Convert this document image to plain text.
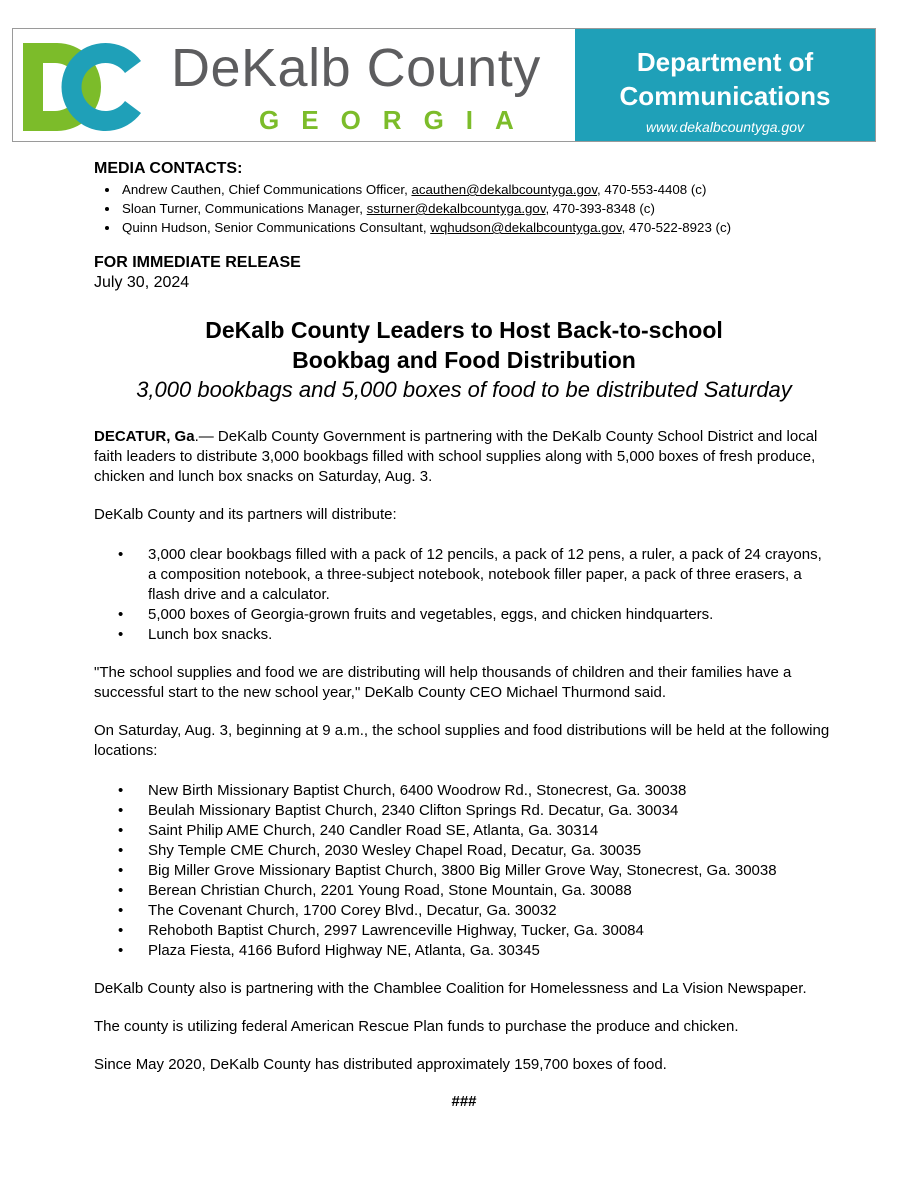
DeKalb County
GEORGIA
Department of
Communications
www.dekalbcountyga.gov
MEDIA CONTACTS:
• Andrew Cauthen, Chief Communications Officer, acauthen@dekalbcountyga.gov, 470-553-4408 (c)
• Sloan Turner, Communications Manager, ssturner@dekalbcountyga.gov, 470-393-8348 (c)
• Quinn Hudson, Senior Communications Consultant, wqhudson@dekalbcountyga.gov, 470-522-8923 (c)
FOR IMMEDIATE RELEASE
July 30, 2024
DeKalb County Leaders to Host Back-to-school
Bookbag and Food Distribution
3,000 bookbags and 5,000 boxes of food to be distributed Saturday

DECATUR, Ga.— DeKalb County Government is partnering with the DeKalb County School District and local faith leaders to distribute 3,000 bookbags filled with school supplies along with 5,000 boxes of fresh produce, chicken and lunch box snacks on Saturday, Aug. 3.

DeKalb County and its partners will distribute:

• 3,000 clear bookbags filled with a pack of 12 pencils, a pack of 12 pens, a ruler, a pack of 24 crayons, a composition notebook, a three-subject notebook, notebook filler paper, a pack of three erasers, a flash drive and a calculator.
• 5,000 boxes of Georgia-grown fruits and vegetables, eggs, and chicken hindquarters.
• Lunch box snacks.

"The school supplies and food we are distributing will help thousands of children and their families have a successful start to the new school year," DeKalb County CEO Michael Thurmond said.

On Saturday, Aug. 3, beginning at 9 a.m., the school supplies and food distributions will be held at the following locations:

• New Birth Missionary Baptist Church, 6400 Woodrow Rd., Stonecrest, Ga. 30038
• Beulah Missionary Baptist Church, 2340 Clifton Springs Rd. Decatur, Ga. 30034
• Saint Philip AME Church, 240 Candler Road SE, Atlanta, Ga. 30314
• Shy Temple CME Church, 2030 Wesley Chapel Road, Decatur, Ga. 30035
• Big Miller Grove Missionary Baptist Church, 3800 Big Miller Grove Way, Stonecrest, Ga. 30038
• Berean Christian Church, 2201 Young Road, Stone Mountain, Ga. 30088
• The Covenant Church, 1700 Corey Blvd., Decatur, Ga. 30032
• Rehoboth Baptist Church, 2997 Lawrenceville Highway, Tucker, Ga. 30084
• Plaza Fiesta, 4166 Buford Highway NE, Atlanta, Ga. 30345

DeKalb County also is partnering with the Chamblee Coalition for Homelessness and La Vision Newspaper.

The county is utilizing federal American Rescue Plan funds to purchase the produce and chicken.

Since May 2020, DeKalb County has distributed approximately 159,700 boxes of food.

###
